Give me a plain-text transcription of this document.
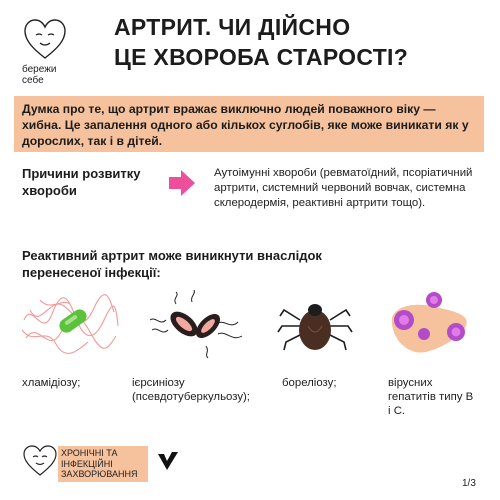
бережи
себе
АРТРИТ. ЧИ ДІЙСНО
ЦЕ ХВОРОБА СТАРОСТІ?

Думка про те, що артрит вражає виключно людей поважного віку — хибна. Це запалення одного або кількох суглобів, яке може виникати як у дорослих, так і в дітей.

Причини розвитку хвороби
Аутоімунні хвороби (ревматоїдний, псоріатичний артрити, системний червоний вовчак, системна склеродермія, реактивні артрити тощо).
Реактивний артрит може виникнути внаслідок перенесеної інфекції:
хламідіозу;	ієрсиніозу (псевдотуберкульозу);
бореліозу;	вірусних гепатитів типу В і С.
ХРОНІЧНІ ТА ІНФЕКЦІЙНІ ЗАХВОРЮВАННЯ
1/3
